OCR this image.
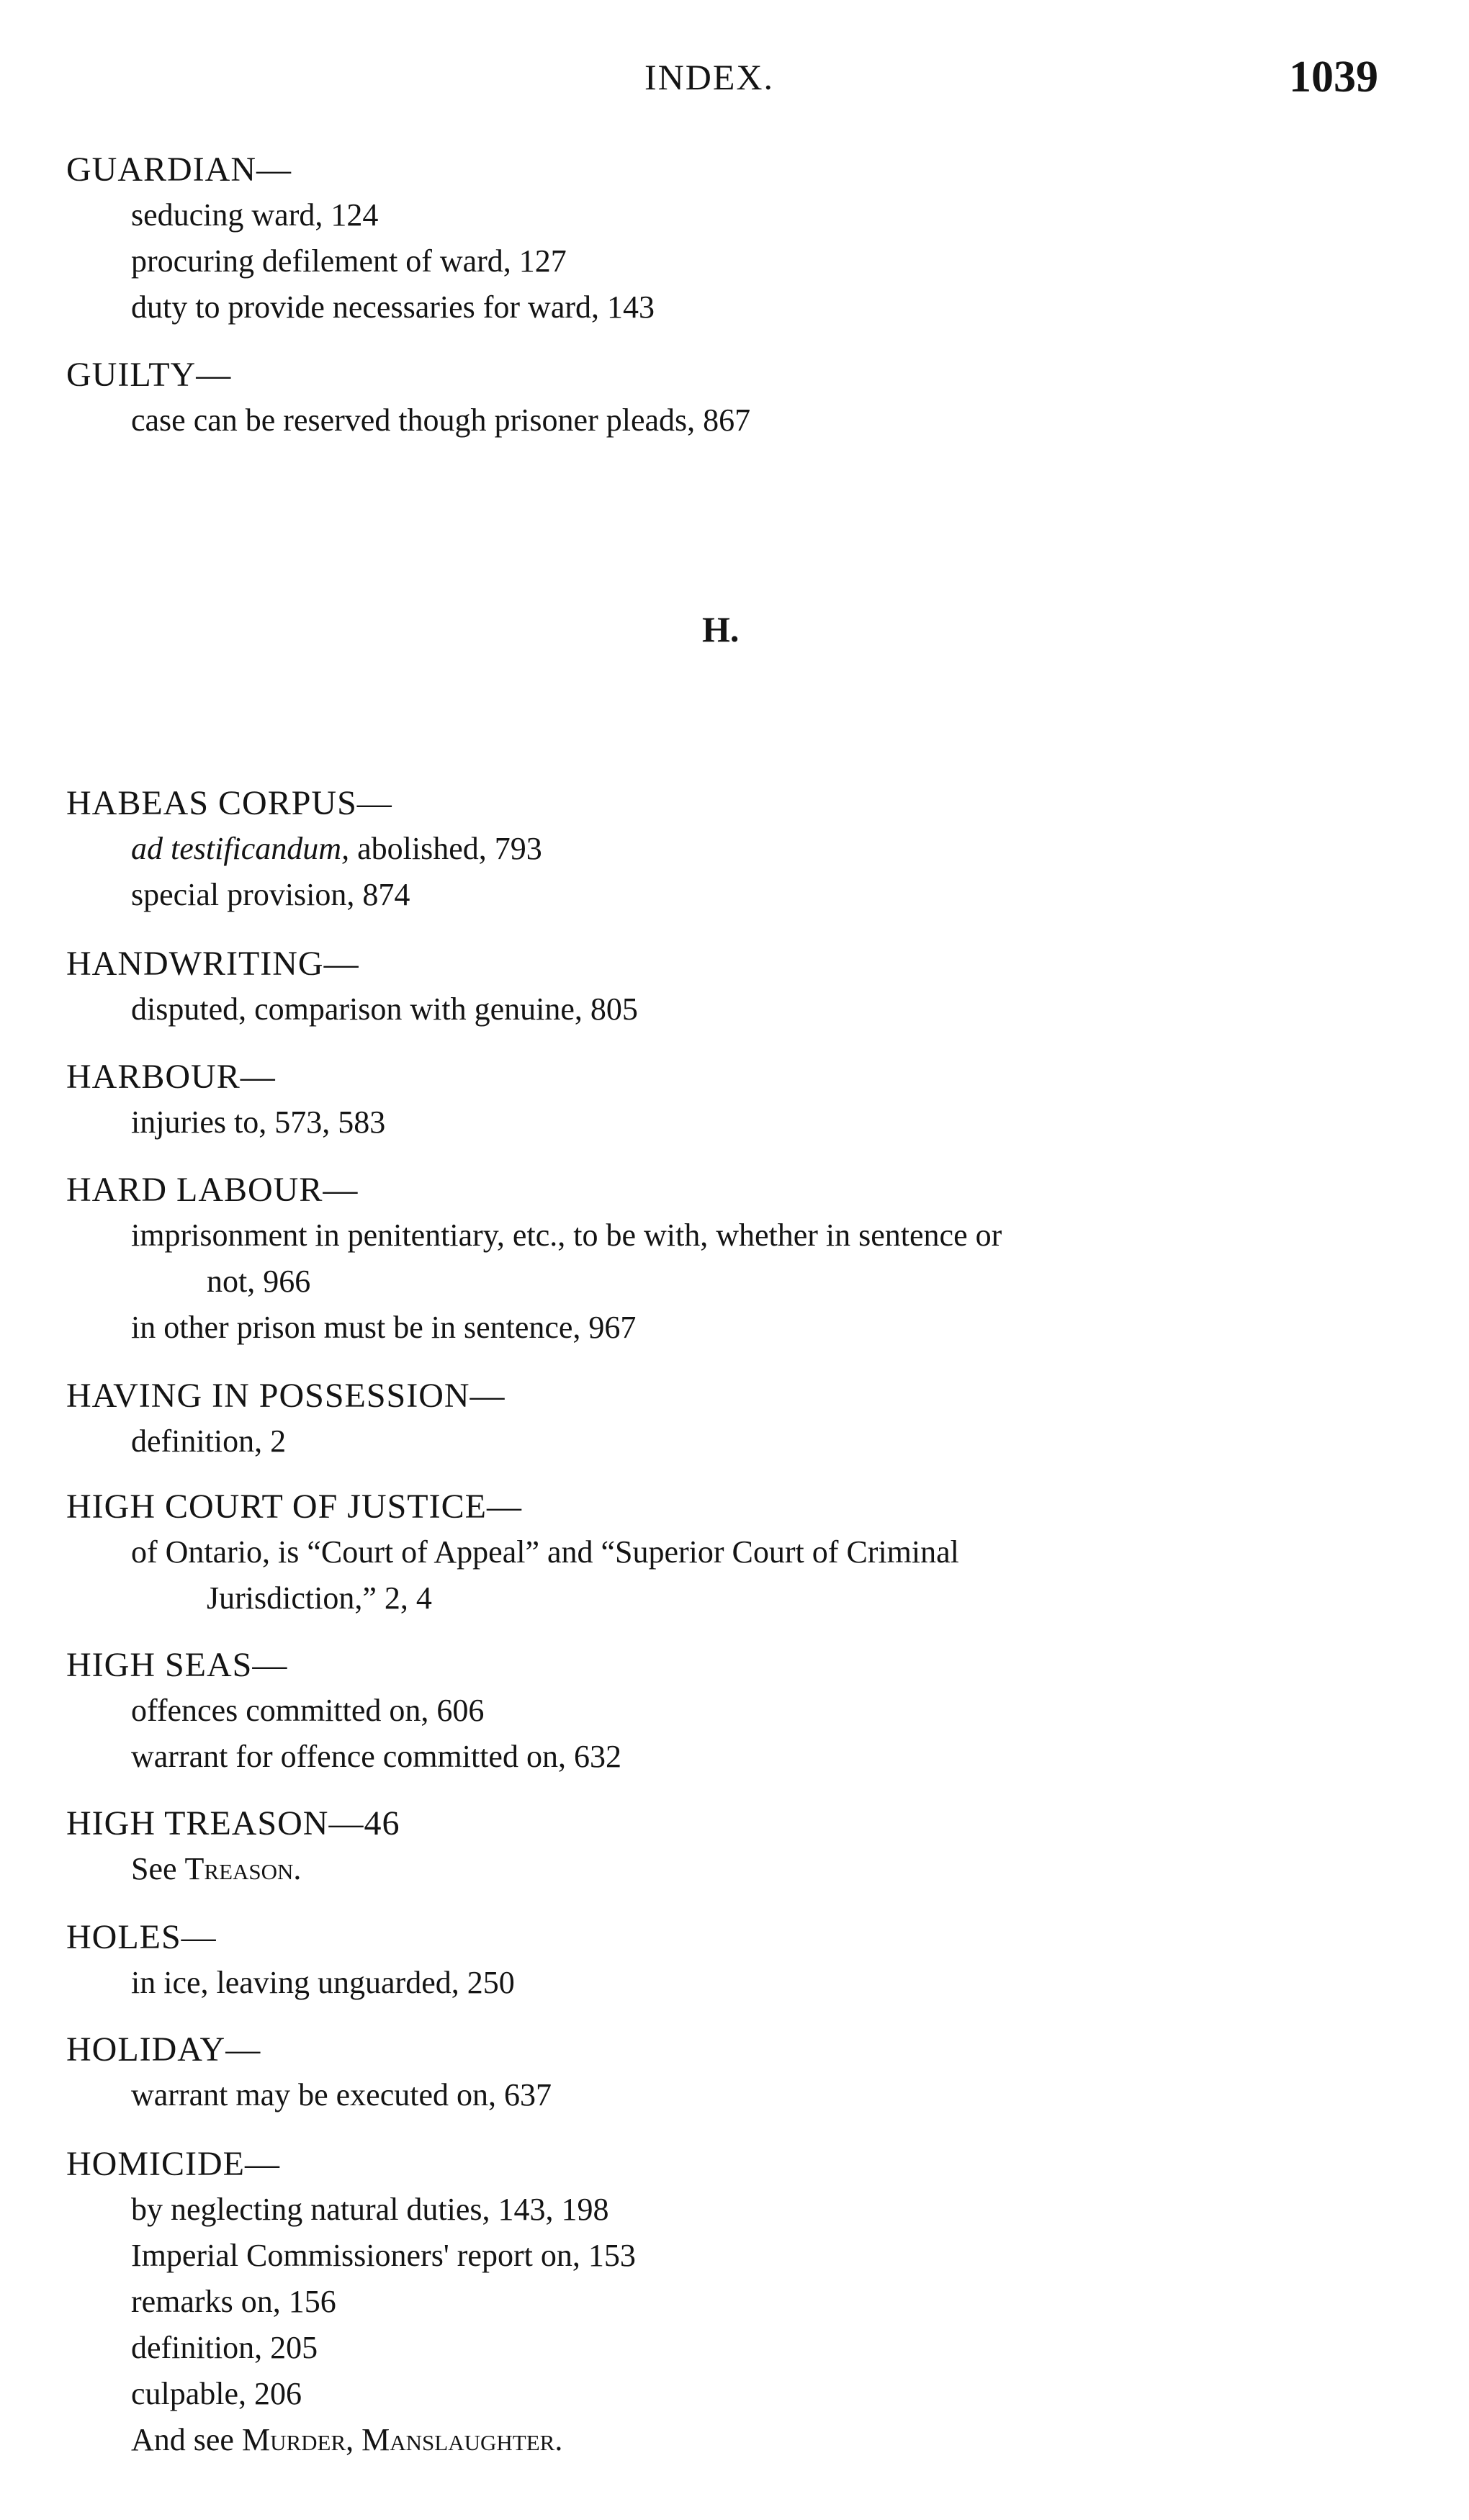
INDEX.	1039
GUARDIAN—
seducing ward, 124
procuring defilement of ward, 127
duty to provide necessaries for ward, 143
GUILTY—
case can be reserved though prisoner pleads, 867
H.
HABEAS CORPUS—
ad testificandum, abolished, 793
special provision, 874
HANDWRITING—
disputed, comparison with genuine, 805
HARBOUR—
injuries to, 573, 583
HARD LABOUR—
imprisonment in penitentiary, etc., to be with, whether in sentence or
not, 966
in other prison must be in sentence, 967
HAVING IN POSSESSION—
definition, 2
HIGH COURT OF JUSTICE—
of Ontario, is “Court of Appeal” and “Superior Court of Criminal
Jurisdiction,” 2, 4
HIGH SEAS—
offences committed on, 606
warrant for offence committed on, 632
HIGH TREASON—46
See Treason.
HOLES—
in ice, leaving unguarded, 250
HOLIDAY—
warrant may be executed on, 637
HOMICIDE—
by neglecting natural duties, 143, 198
Imperial Commissioners' report on, 153
remarks on, 156
definition, 205
culpable, 206
And see Murder, Manslaughter.
